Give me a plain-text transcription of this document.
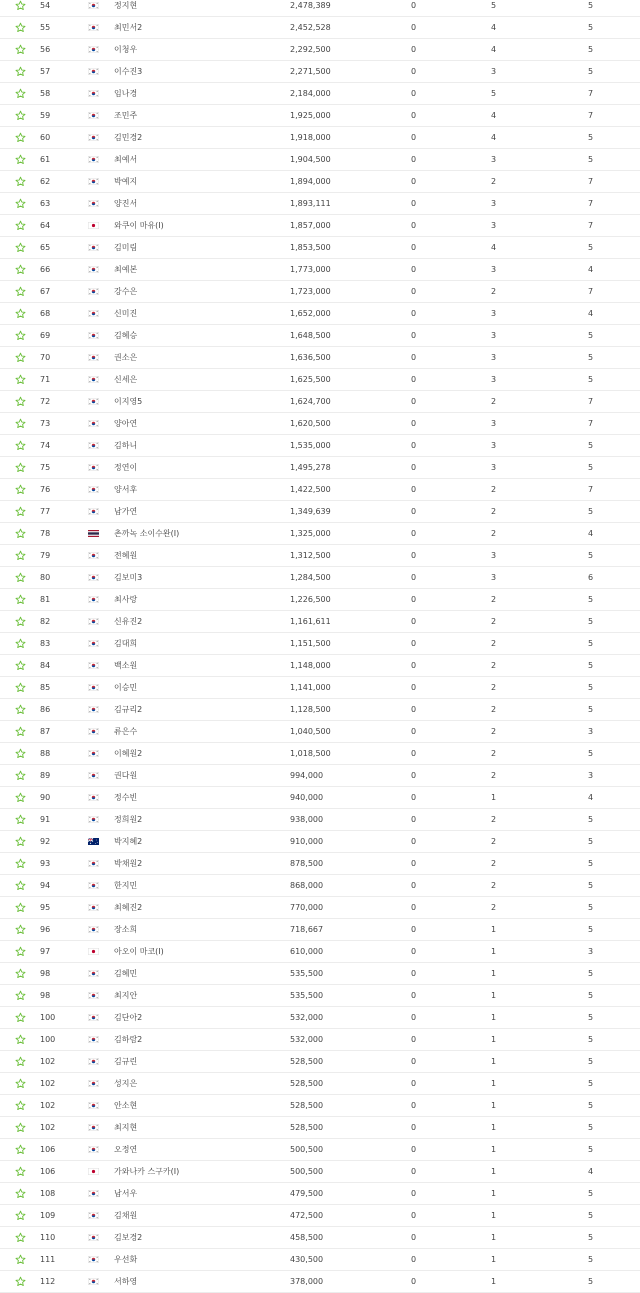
54	정지현	2,478,389	0	5	5
55	최민서2	2,452,528	0	4	5
56	이청우	2,292,500	0	4	5
57	이수진3	2,271,500	0	3	5
58	임나경	2,184,000	0	5	7
59	조민주	1,925,000	0	4	7
60	김민경2	1,918,000	0	4	5
61	최예서	1,904,500	0	3	5
62	박예지	1,894,000	0	2	7
63	양진서	1,893,111	0	3	7
64	와쿠이 마유(I)	1,857,000	0	3	7
65	김미림	1,853,500	0	4	5
66	최예본	1,773,000	0	3	4
67	강수은	1,723,000	0	2	7
68	신미진	1,652,000	0	3	4
69	김혜승	1,648,500	0	3	5
70	권소은	1,636,500	0	3	5
71	신세은	1,625,500	0	3	5
72	이지영5	1,624,700	0	2	7
73	양아연	1,620,500	0	3	7
74	김하니	1,535,000	0	3	5
75	정연이	1,495,278	0	3	5
76	양서후	1,422,500	0	2	7
77	남가연	1,349,639	0	2	5
78	촌까녹 소이수완(I)	1,325,000	0	2	4
79	전혜원	1,312,500	0	3	5
80	김보미3	1,284,500	0	3	6
81	최사랑	1,226,500	0	2	5
82	신유진2	1,161,611	0	2	5
83	김대희	1,151,500	0	2	5
84	백소원	1,148,000	0	2	5
85	이승민	1,141,000	0	2	5
86	김규리2	1,128,500	0	2	5
87	류은수	1,040,500	0	2	3
88	이혜원2	1,018,500	0	2	5
89	권다원	994,000	0	2	3
90	정수빈	940,000	0	1	4
91	정희원2	938,000	0	2	5
92	박지혜2	910,000	0	2	5
93	박채원2	878,500	0	2	5
94	한지민	868,000	0	2	5
95	최혜진2	770,000	0	2	5
96	장소희	718,667	0	1	5
97	아오이 마코(I)	610,000	0	1	3
98	김혜민	535,500	0	1	5
98	최지안	535,500	0	1	5
100	김단아2	532,000	0	1	5
100	김하람2	532,000	0	1	5
102	김규린	528,500	0	1	5
102	성지은	528,500	0	1	5
102	안소현	528,500	0	1	5
102	최지현	528,500	0	1	5
106	오정연	500,500	0	1	5
106	가와나카 스구카(I)	500,500	0	1	4
108	남서우	479,500	0	1	5
109	김채원	472,500	0	1	5
110	김보경2	458,500	0	1	5
111	우선화	430,500	0	1	5
112	서하영	378,000	0	1	5
